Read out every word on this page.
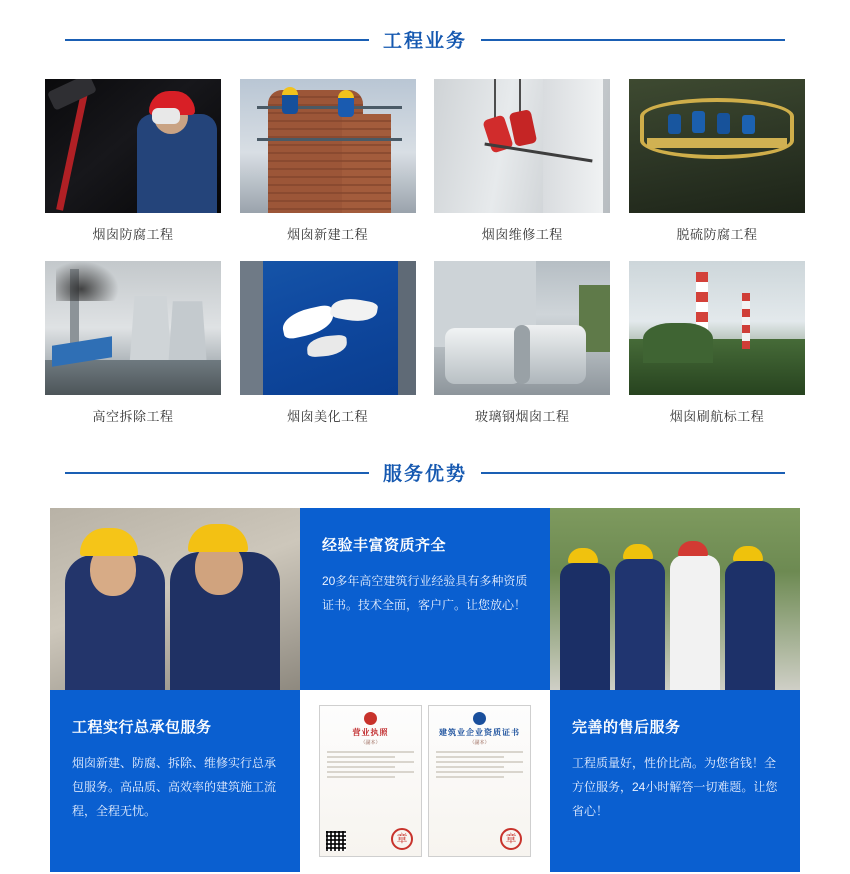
工程业务
烟囱防腐工程	烟囱新建工程	烟囱维修工程	脱硫防腐工程
高空拆除工程	烟囱美化工程	玻璃钢烟囱工程	烟囱刷航标工程
服务优势
经验丰富资质齐全

20多年高空建筑行业经验具有多种资质证书。技术全面，客户广。让您放心！

工程实行总承包服务

烟囱新建、防腐、拆除、维修实行总承包服务。高品质、高效率的建筑施工流程，全程无忧。

营业执照
（副本）
章
建筑业企业资质证书
（副本）
章
完善的售后服务

工程质量好，性价比高。为您省钱！全方位服务，24小时解答一切难题。让您省心！
